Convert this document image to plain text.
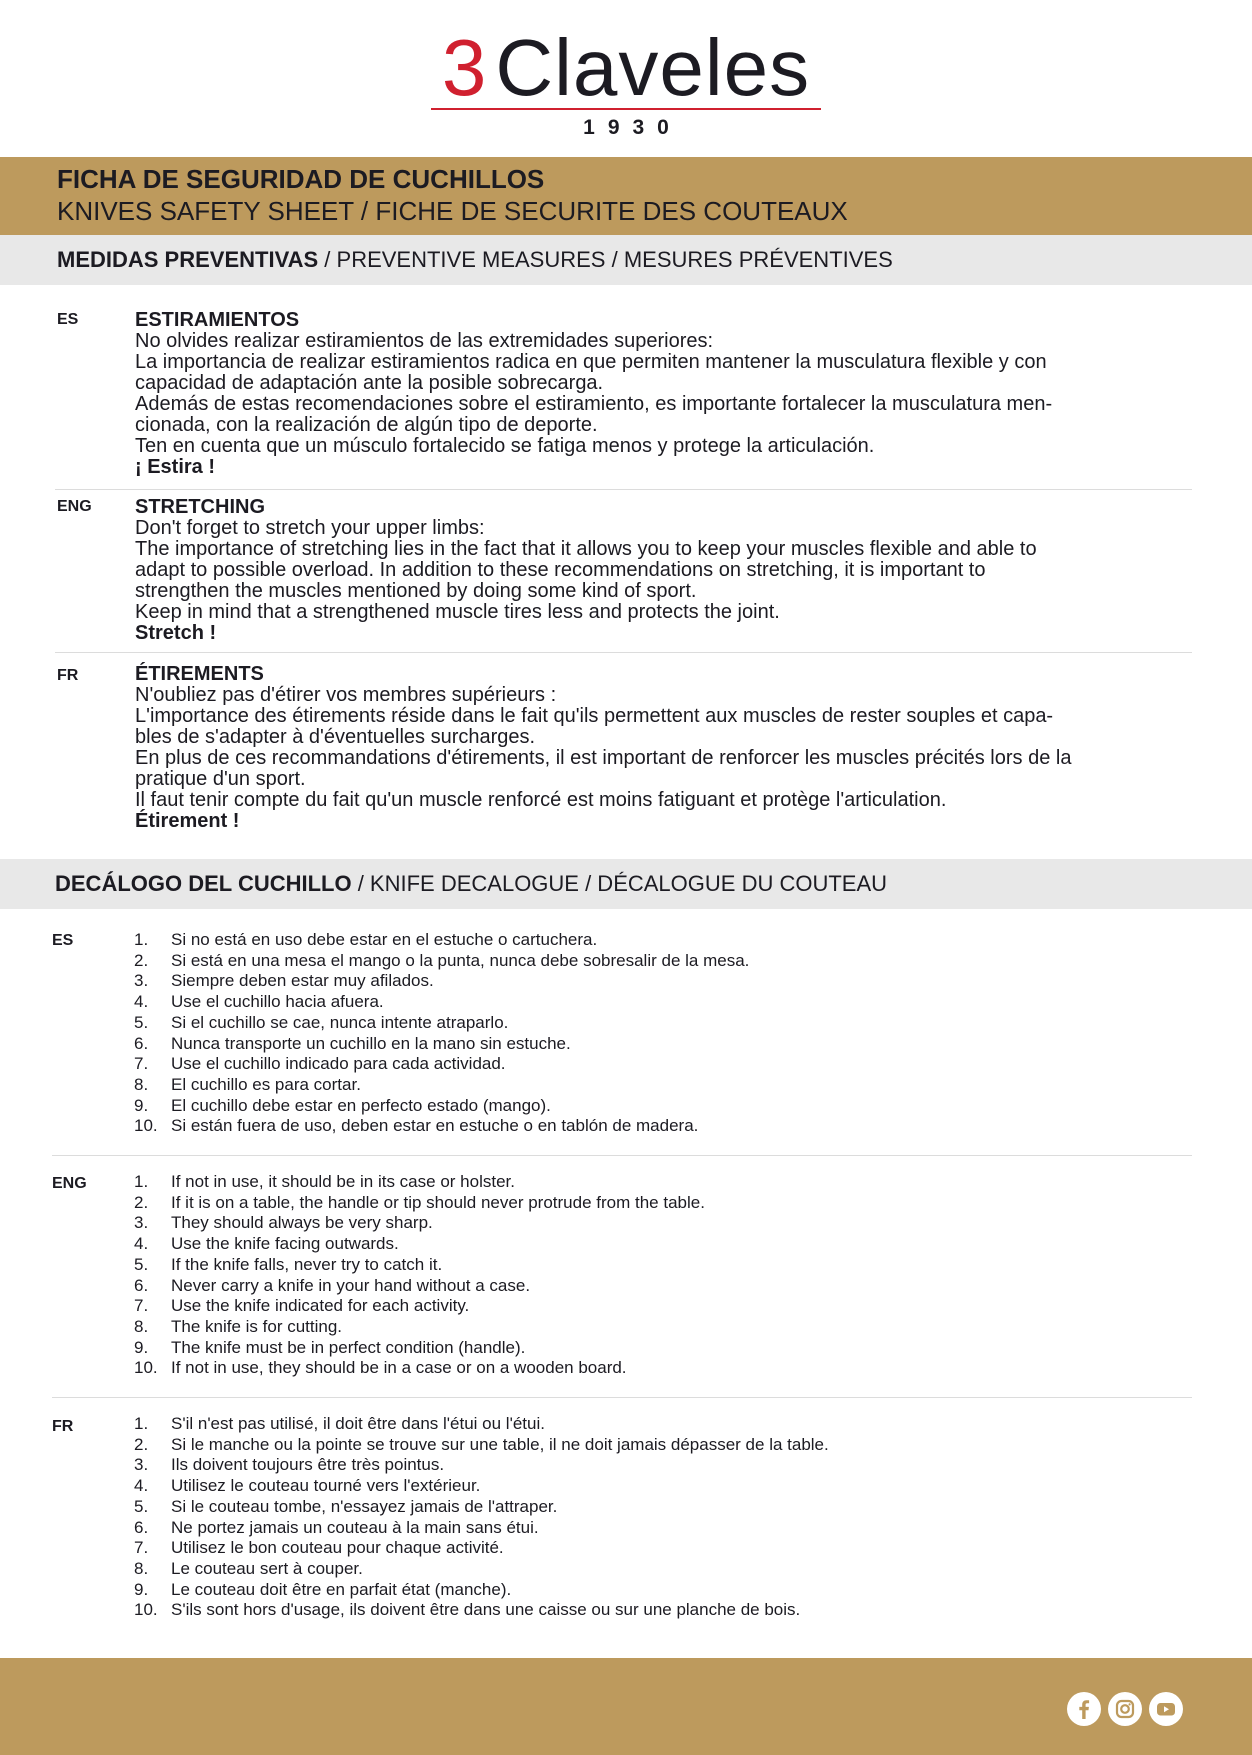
3 Claveles
1930
FICHA DE SEGURIDAD DE CUCHILLOS
KNIVES SAFETY SHEET / FICHE DE SECURITE DES COUTEAUX
MEDIDAS PREVENTIVAS / PREVENTIVE MEASURES / MESURES PRÉVENTIVES
ES	ESTIRAMIENTOS

No olvides realizar estiramientos de las extremidades superiores:

La importancia de realizar estiramientos radica en que permiten mantener la musculatura flexible y con

capacidad de adaptación ante la posible sobrecarga.

Además de estas recomendaciones sobre el estiramiento, es importante fortalecer la musculatura men-

cionada, con la realización de algún tipo de deporte.

Ten en cuenta que un músculo fortalecido se fatiga menos y protege la articulación.

¡ Estira !

ENG STRETCHING

Don't forget to stretch your upper limbs:

The importance of stretching lies in the fact that it allows you to keep your muscles flexible and able to

adapt to possible overload. In addition to these recommendations on stretching, it is important to

strengthen the muscles mentioned by doing some kind of sport.

Keep in mind that a strengthened muscle tires less and protects the joint.

Stretch !

FR	ÉTIREMENTS

N'oubliez pas d'étirer vos membres supérieurs :

L'importance des étirements réside dans le fait qu'ils permettent aux muscles de rester souples et capa-

bles de s'adapter à d'éventuelles surcharges.

En plus de ces recommandations d'étirements, il est important de renforcer les muscles précités lors de la

pratique d'un sport.

Il faut tenir compte du fait qu'un muscle renforcé est moins fatiguant et protège l'articulation.

Étirement !

DECÁLOGO DEL CUCHILLO / KNIFE DECALOGUE / DÉCALOGUE DU COUTEAU
ES	1. Si no está en uso debe estar en el estuche o cartuchera.
2. Si está en una mesa el mango o la punta, nunca debe sobresalir de la mesa.
3. Siempre deben estar muy afilados.
4. Use el cuchillo hacia afuera.
5. Si el cuchillo se cae, nunca intente atraparlo.
6. Nunca transporte un cuchillo en la mano sin estuche.
7. Use el cuchillo indicado para cada actividad.
8. El cuchillo es para cortar.
9. El cuchillo debe estar en perfecto estado (mango).
10. Si están fuera de uso, deben estar en estuche o en tablón de madera.
ENG	1. If not in use, it should be in its case or holster.
2. If it is on a table, the handle or tip should never protrude from the table.
3. They should always be very sharp.
4. Use the knife facing outwards.
5. If the knife falls, never try to catch it.
6. Never carry a knife in your hand without a case.
7. Use the knife indicated for each activity.
8. The knife is for cutting.
9. The knife must be in perfect condition (handle).
10. If not in use, they should be in a case or on a wooden board.
FR	1. S'il n'est pas utilisé, il doit être dans l'étui ou l'étui.
2. Si le manche ou la pointe se trouve sur une table, il ne doit jamais dépasser de la table.
3. Ils doivent toujours être très pointus.
4. Utilisez le couteau tourné vers l'extérieur.
5. Si le couteau tombe, n'essayez jamais de l'attraper.
6. Ne portez jamais un couteau à la main sans étui.
7. Utilisez le bon couteau pour chaque activité.
8. Le couteau sert à couper.
9. Le couteau doit être en parfait état (manche).
10. S'ils sont hors d'usage, ils doivent être dans une caisse ou sur une planche de bois.
